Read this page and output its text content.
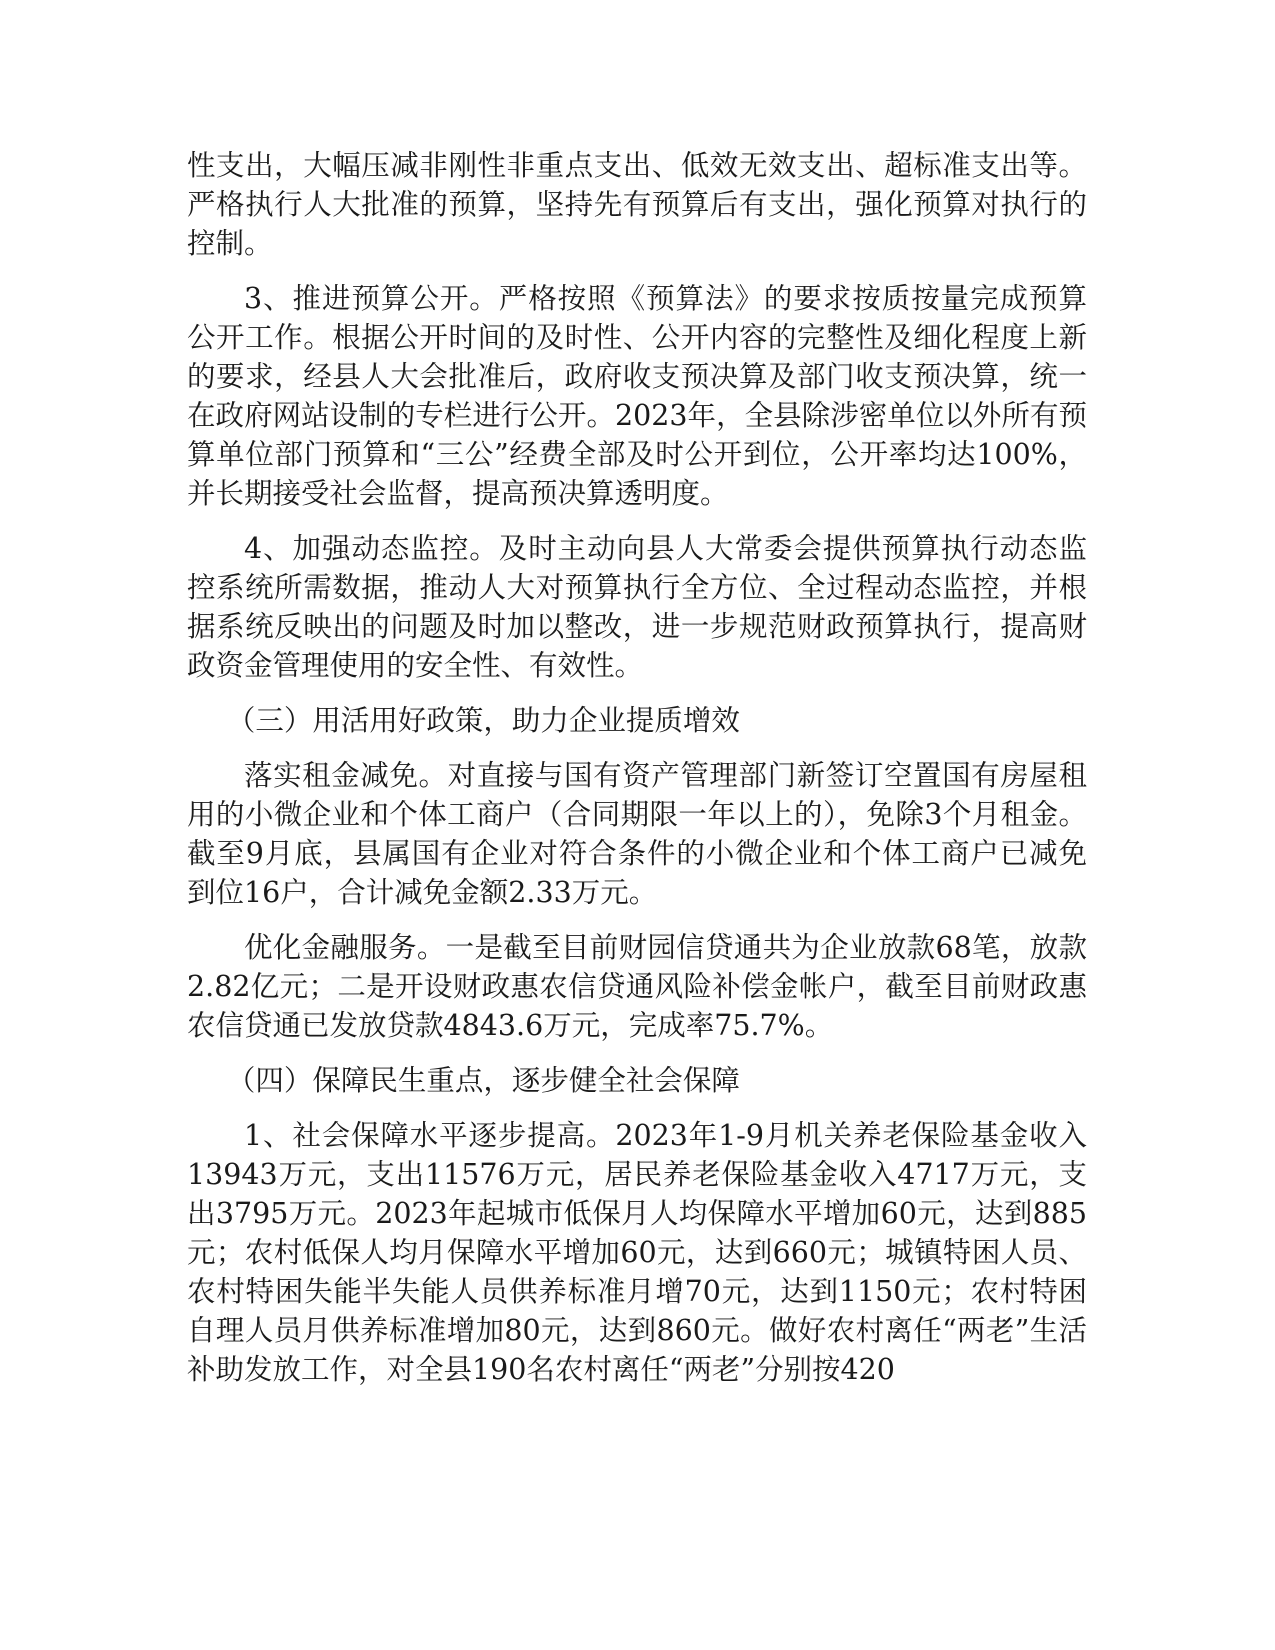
性支出，大幅压减非刚性非重点支出、低效无效支出、超标准支出等。严格执行人大批准的预算，坚持先有预算后有支出，强化预算对执行的控制。

3、推进预算公开。严格按照《预算法》的要求按质按量完成预算公开工作。根据公开时间的及时性、公开内容的完整性及细化程度上新的要求，经县人大会批准后，政府收支预决算及部门收支预决算，统一在政府网站设制的专栏进行公开。2023年，全县除涉密单位以外所有预算单位部门预算和“三公”经费全部及时公开到位，公开率均达100%，并长期接受社会监督，提高预决算透明度。

4、加强动态监控。及时主动向县人大常委会提供预算执行动态监控系统所需数据，推动人大对预算执行全方位、全过程动态监控，并根据系统反映出的问题及时加以整改，进一步规范财政预算执行，提高财政资金管理使用的安全性、有效性。

（三）用活用好政策，助力企业提质增效

落实租金减免。对直接与国有资产管理部门新签订空置国有房屋租用的小微企业和个体工商户（合同期限一年以上的），免除3个月租金。截至9月底，县属国有企业对符合条件的小微企业和个体工商户已减免到位16户，合计减免金额2.33万元。

优化金融服务。一是截至目前财园信贷通共为企业放款68笔，放款2.82亿元；二是开设财政惠农信贷通风险补偿金帐户，截至目前财政惠农信贷通已发放贷款4843.6万元，完成率75.7%。

（四）保障民生重点，逐步健全社会保障

1、社会保障水平逐步提高。2023年1-9月机关养老保险基金收入13943万元，支出11576万元，居民养老保险基金收入4717万元，支出3795万元。2023年起城市低保月人均保障水平增加60元，达到885元；农村低保人均月保障水平增加60元，达到660元；城镇特困人员、农村特困失能半失能人员供养标准月增70元，达到1150元；农村特困自理人员月供养标准增加80元，达到860元。做好农村离任“两老”生活补助发放工作，对全县190名农村离任“两老”分别按420
